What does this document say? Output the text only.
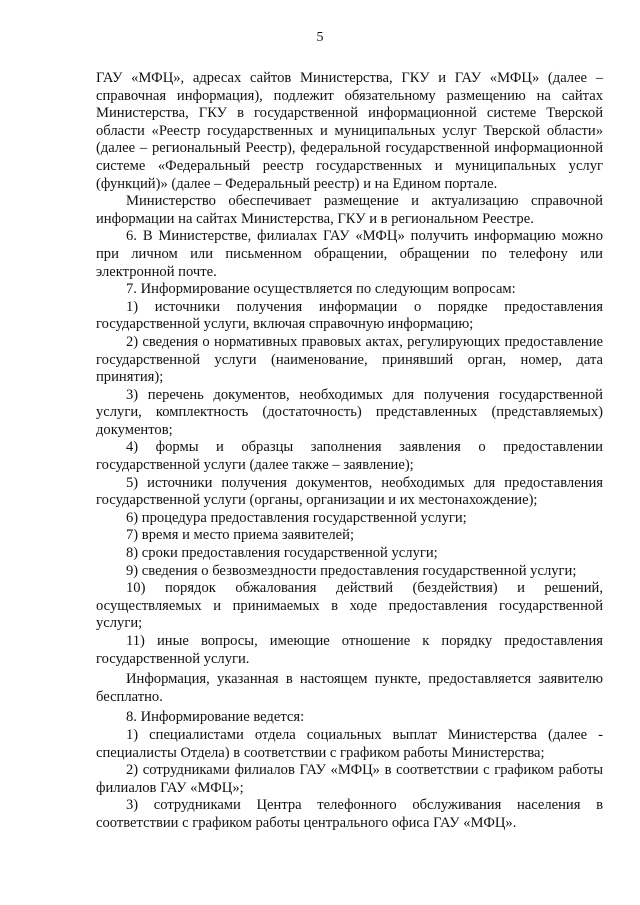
5

ГАУ «МФЦ», адресах сайтов Министерства, ГКУ и ГАУ «МФЦ» (далее – справочная информация), подлежит обязательному размещению на сайтах Министерства, ГКУ в государственной информационной системе Тверской области «Реестр государственных и муниципальных услуг Тверской области» (далее – региональный Реестр), федеральной государственной информационной системе «Федеральный реестр государственных и муниципальных услуг (функций)» (далее – Федеральный реестр) и на Едином портале.

Министерство обеспечивает размещение и актуализацию справочной информации на сайтах Министерства, ГКУ и в региональном Реестре.

6. В Министерстве, филиалах ГАУ «МФЦ» получить информацию можно при личном или письменном обращении, обращении по телефону или электронной почте.

7. Информирование осуществляется по следующим вопросам:

1) источники получения информации о порядке предоставления государственной услуги, включая справочную информацию;

2) сведения о нормативных правовых актах, регулирующих предоставление государственной услуги (наименование, принявший орган, номер, дата принятия);

3) перечень документов, необходимых для получения государственной услуги, комплектность (достаточность) представленных (представляемых) документов;

4) формы и образцы заполнения заявления о предоставлении государственной услуги (далее также – заявление);

5) источники получения документов, необходимых для предоставления государственной услуги (органы, организации и их местонахождение);

6) процедура предоставления государственной услуги;

7) время и место приема заявителей;

8) сроки предоставления государственной услуги;

9) сведения о безвозмездности предоставления государственной услуги;

10) порядок обжалования действий (бездействия) и решений, осуществляемых и принимаемых в ходе предоставления государственной услуги;

11) иные вопросы, имеющие отношение к порядку предоставления государственной услуги.

Информация, указанная в настоящем пункте, предоставляется заявителю бесплатно.

8. Информирование ведется:

1) специалистами отдела социальных выплат Министерства (далее - специалисты Отдела) в соответствии с графиком работы Министерства;

2) сотрудниками филиалов ГАУ «МФЦ» в соответствии с графиком работы филиалов ГАУ «МФЦ»;

3) сотрудниками Центра телефонного обслуживания населения в соответствии с графиком работы центрального офиса ГАУ «МФЦ».
